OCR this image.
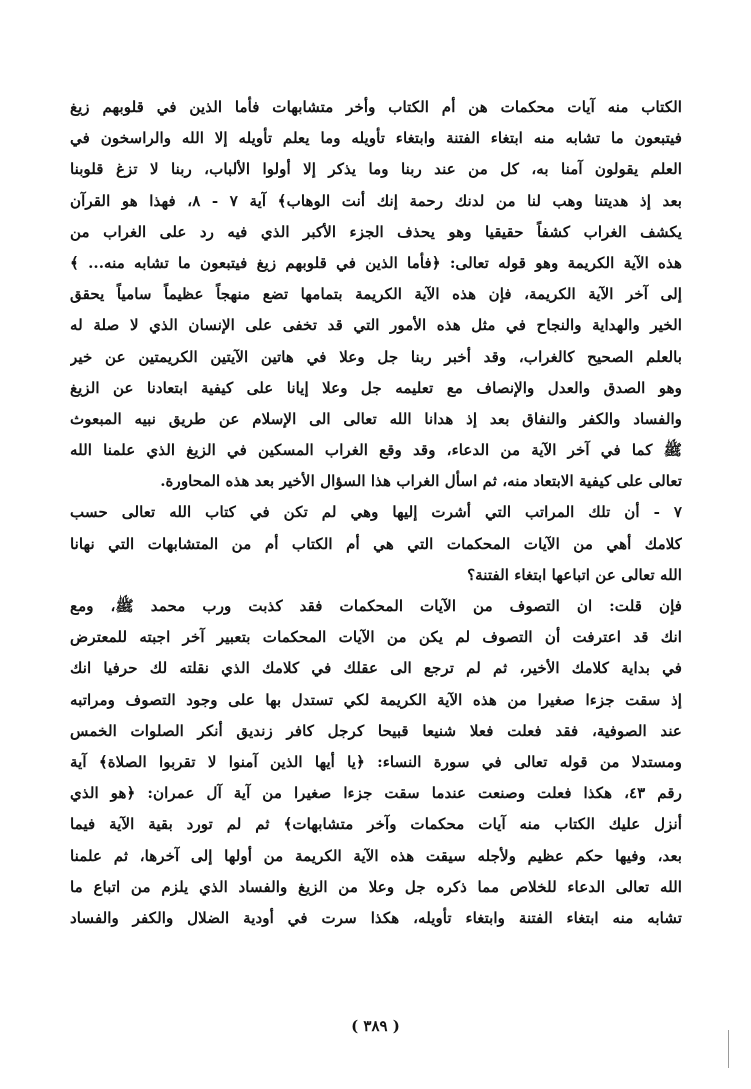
الكتاب منه آيات محكمات هن أم الكتاب وأخر متشابهات فأما الذين في قلوبهم زيغ
فيتبعون ما تشابه منه ابتغاء الفتنة وابتغاء تأويله وما يعلم تأويله إلا الله والراسخون في
العلم يقولون آمنا به، كل من عند ربنا وما يذكر إلا أولوا الألباب، ربنا لا تزغ قلوبنا
بعد إذ هديتنا وهب لنا من لدنك رحمة إنك أنت الوهاب﴾ آية ٧ - ٨، فهذا هو القرآن
يكشف الغراب كشفاً حقيقيا وهو يحذف الجزء الأكبر الذي فيه رد على الغراب من
هذه الآية الكريمة وهو قوله تعالى: ﴿فأما الذين في قلوبهم زيغ فيتبعون ما تشابه منه... ﴾
إلى آخر الآية الكريمة، فإن هذه الآية الكريمة بتمامها تضع منهجاً عظيماً سامياً يحقق
الخير والهداية والنجاح في مثل هذه الأمور التي قد تخفى على الإنسان الذي لا صلة له
بالعلم الصحيح كالغراب، وقد أخبر ربنا جل وعلا في هاتين الآيتين الكريمتين عن خير
وهو الصدق والعدل والإنصاف مع تعليمه جل وعلا إيانا على كيفية ابتعادنا عن الزيغ
والفساد والكفر والنفاق بعد إذ هدانا الله تعالى الى الإسلام عن طريق نبيه المبعوث
ﷺ كما في آخر الآية من الدعاء، وقد وقع الغراب المسكين في الزيغ الذي علمنا الله
تعالى على كيفية الابتعاد منه، ثم اسأل الغراب هذا السؤال الأخير بعد هذه المحاورة.
٧ - أن تلك المراتب التي أشرت إليها وهي لم تكن في كتاب الله تعالى حسب
كلامك أهي من الآيات المحكمات التي هي أم الكتاب أم من المتشابهات التي نهانا
الله تعالى عن اتباعها ابتغاء الفتنة؟
فإن قلت: ان التصوف من الآيات المحكمات فقد كذبت ورب محمد ﷺ، ومع
انك قد اعترفت أن التصوف لم يكن من الآيات المحكمات بتعبير آخر اجبته للمعترض
في بداية كلامك الأخير، ثم لم ترجع الى عقلك في كلامك الذي نقلته لك حرفيا انك
إذ سقت جزءا صغيرا من هذه الآية الكريمة لكي تستدل بها على وجود التصوف ومراتبه
عند الصوفية، فقد فعلت فعلا شنيعا قبيحا كرجل كافر زنديق أنكر الصلوات الخمس
ومستدلا من قوله تعالى في سورة النساء: ﴿يا أيها الذين آمنوا لا تقربوا الصلاة﴾ آية
رقم ٤٣، هكذا فعلت وصنعت عندما سقت جزءا صغيرا من آية آل عمران: ﴿هو الذي
أنزل عليك الكتاب منه آيات محكمات وآخر متشابهات﴾ ثم لم تورد بقية الآية فيما
بعد، وفيها حكم عظيم ولأجله سيقت هذه الآية الكريمة من أولها إلى آخرها، ثم علمنا
الله تعالى الدعاء للخلاص مما ذكره جل وعلا من الزيغ والفساد الذي يلزم من اتباع ما
تشابه منه ابتغاء الفتنة وابتغاء تأويله، هكذا سرت في أودية الضلال والكفر والفساد
( ٣٨٩ )
